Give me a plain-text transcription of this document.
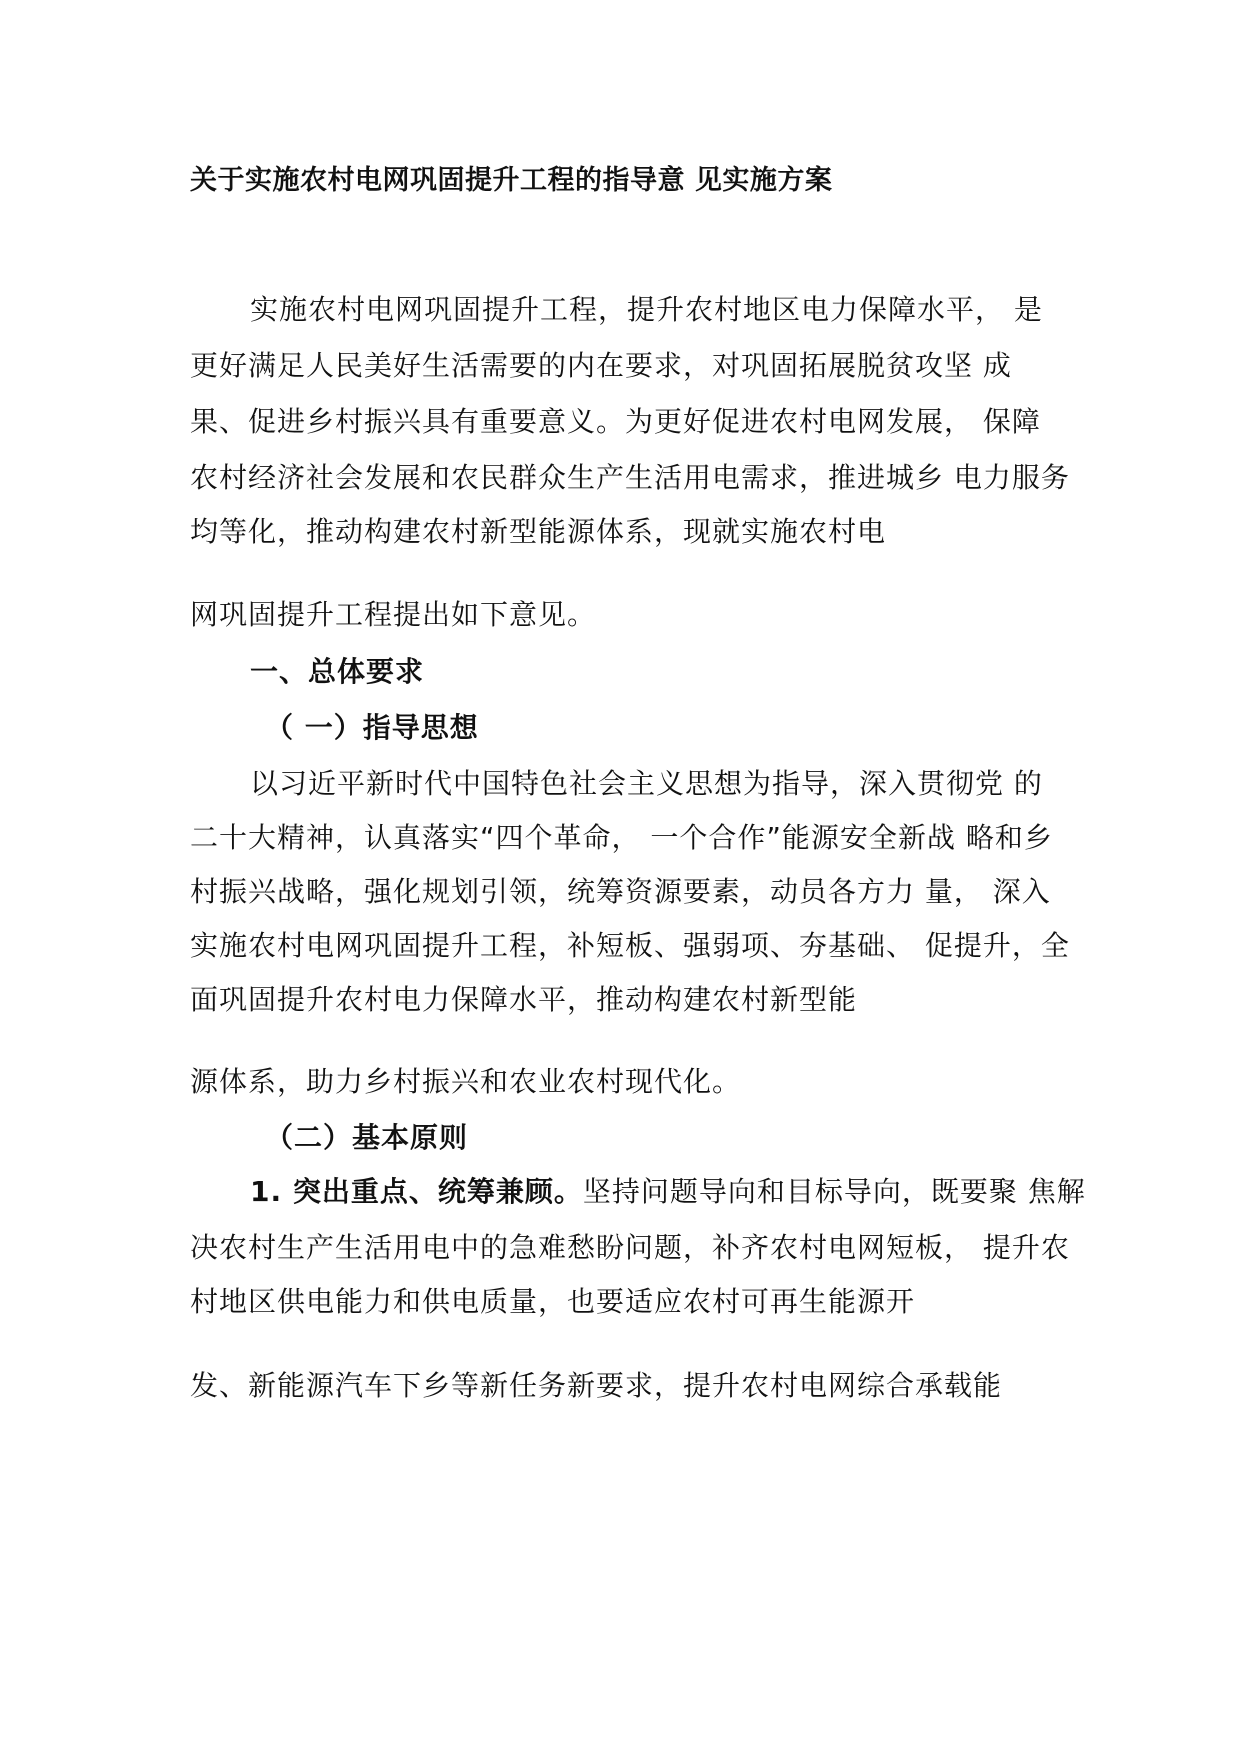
关于实施农村电网巩固提升工程的指导意 见实施方案
实施农村电网巩固提升工程，提升农村地区电力保障水平， 是
更好满足人民美好生活需要的内在要求，对巩固拓展脱贫攻坚 成
果、促进乡村振兴具有重要意义。为更好促进农村电网发展， 保障
农村经济社会发展和农民群众生产生活用电需求，推进城乡 电力服务
均等化，推动构建农村新型能源体系，现就实施农村电
网巩固提升工程提出如下意见。
一、总体要求
（ 一）指导思想
以习近平新时代中国特色社会主义思想为指导，深入贯彻党 的
二十大精神，认真落实“四个革命， 一个合作”能源安全新战 略和乡
村振兴战略，强化规划引领，统筹资源要素，动员各方力 量， 深入
实施农村电网巩固提升工程，补短板、强弱项、夯基础、 促提升，全
面巩固提升农村电力保障水平，推动构建农村新型能
源体系，助力乡村振兴和农业农村现代化。
（二）基本原则
1. 突出重点、统筹兼顾。坚持问题导向和目标导向，既要聚 焦解
决农村生产生活用电中的急难愁盼问题，补齐农村电网短板， 提升农
村地区供电能力和供电质量，也要适应农村可再生能源开
发、新能源汽车下乡等新任务新要求，提升农村电网综合承载能
